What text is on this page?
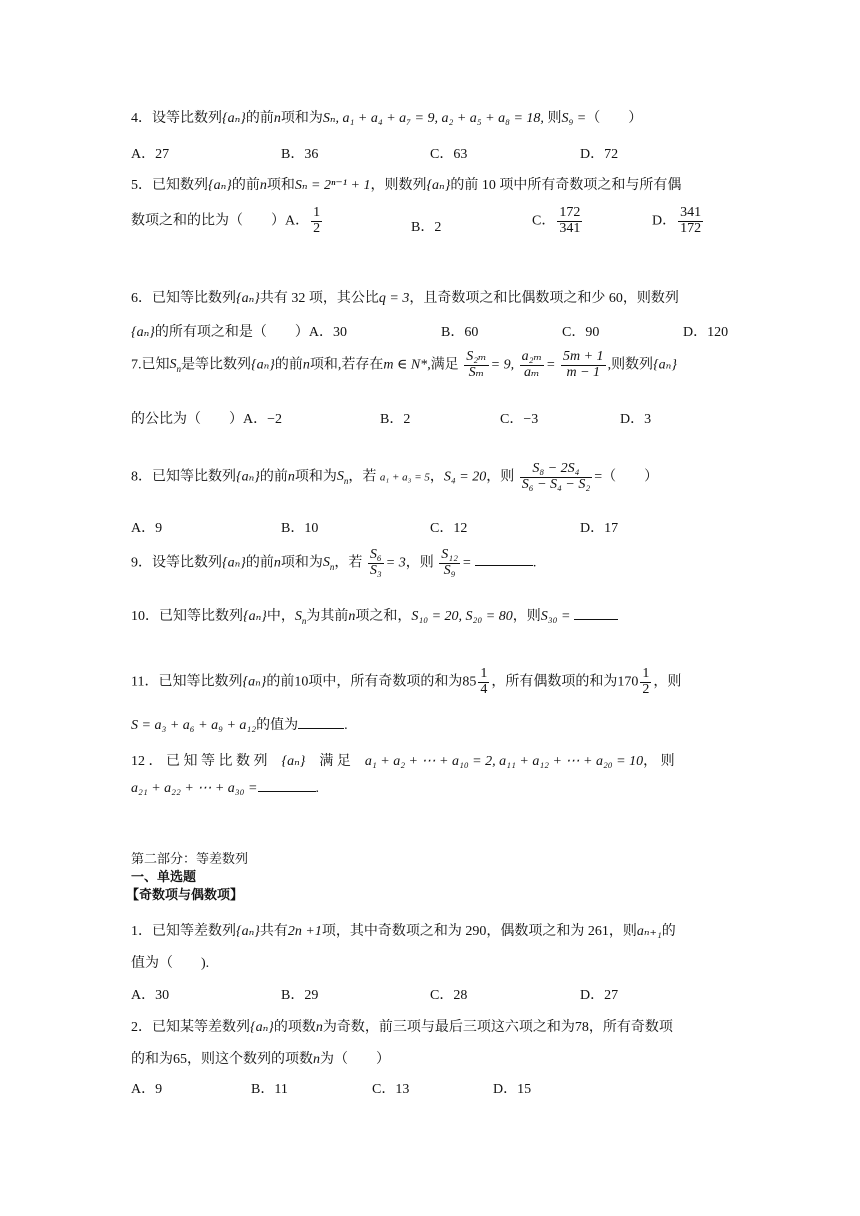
4．设等比数列{aₙ}的前n项和为Sₙ, a₁ + a₄ + a₇ = 9, a₂ + a₅ + a₈ = 18, 则S₉ =（　　）
A．27	B．36	C．63	D．72
5．已知数列{aₙ}的前n项和Sₙ = 2ⁿ⁻¹ + 1，则数列{aₙ}的前 10 项中所有奇数项之和与所有偶
数项之和的比为（　　）A． $\frac{1}{2}$	B．2	C． $\frac{172}{341}$	D． $\frac{341}{172}$
6．已知等比数列{aₙ}共有 32 项，其公比q = 3，且奇数项之和比偶数项之和少 60，则数列
{aₙ}的所有项之和是（　　）A．30	B．60	C．90	D．120
7.已知$S_n$是等比数列{aₙ}的前n项和,若存在m ∈ N*,满足 $\frac{\text{S₂ₘ}}{\text{Sₘ}} = 9$, $\frac{\text{a₂ₘ}}{\text{aₘ}} = \frac{5m + 1}{m - 1}$ ,则数列{aₙ}
的公比为（　　）A．−2	B．2	C．−3	D．3
8．已知等比数列{aₙ}的前n项和为$S_n$，若 a₁ + a₃ = 5，S₄ = 20，则 $\frac{\text{S₈ − 2S₄}}{\text{S₆ − S₄ − S₂}}$ =（　　）
A．9	B．10	C．12	D．17
9．设等比数列{aₙ}的前n项和为$S_n$，若 $\frac{\text{S₆}}{\text{S₃}} = 3$，则 $\frac{\text{S₁₂}}{\text{S₉}}$ =	.
10．已知等比数列{aₙ}中，$S_n$为其前n项之和，S₁₀ = 20, S₂₀ = 80，则S₃₀ =
11．已知等比数列{aₙ}的前10项中，所有奇数项的和为$85 \frac{1}{4}$ ，所有偶数项的和为$170 \frac{1}{2}$ ，则
S = a₃ + a₆ + a₉ + a₁₂的值为	.
12 ． 已 知 等 比 数 列  {aₙ}  满 足  a₁ + a₂ + ⋯ + a₁₀ = 2, a₁₁ + a₁₂ + ⋯ + a₂₀ = 10， 则
a₂₁ + a₂₂ + ⋯ + a₃₀ =	.
第二部分：等差数列
一、单选题
【奇数项与偶数项】
1．已知等差数列{aₙ}共有2n +1项，其中奇数项之和为 290，偶数项之和为 261，则aₙ₊₁的
值为（　　).
A．30	B．29	C．28	D．27
2．已知某等差数列{aₙ}的项数n为奇数，前三项与最后三项这六项之和为78，所有奇数项
的和为65，则这个数列的项数n为（　　）
A．9	B．11	C．13	D．15
